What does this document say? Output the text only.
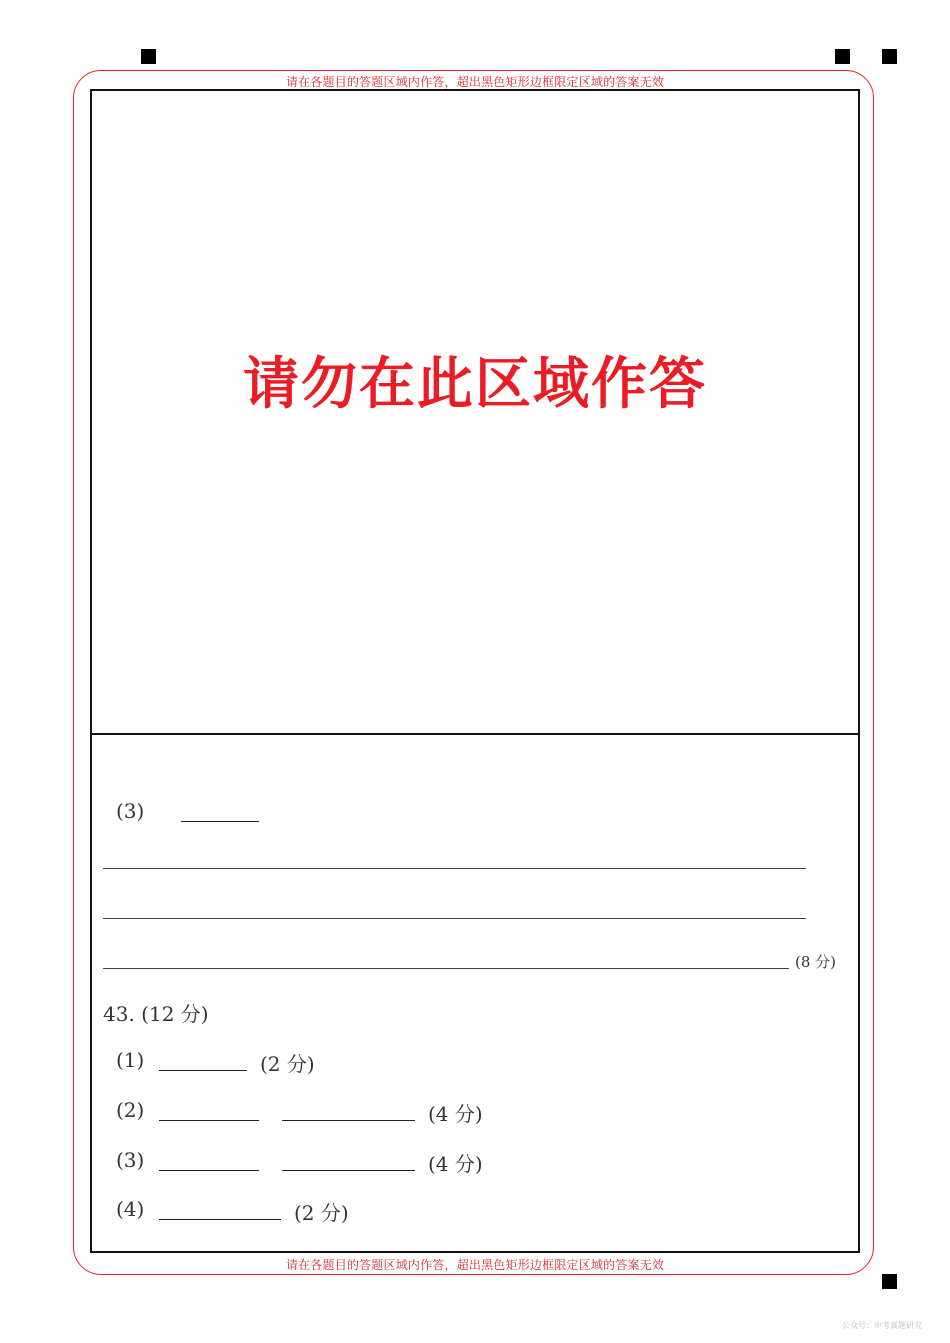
请在各题目的答题区域内作答，超出黑色矩形边框限定区域的答案无效
请在各题目的答题区域内作答，超出黑色矩形边框限定区域的答案无效
请勿在此区域作答
(3)
(8 分)
43. (12 分)
(1)	(2 分)
(2)	(4 分)
(3)	(4 分)
(4)	(2 分)
公众号：中考真题研究
